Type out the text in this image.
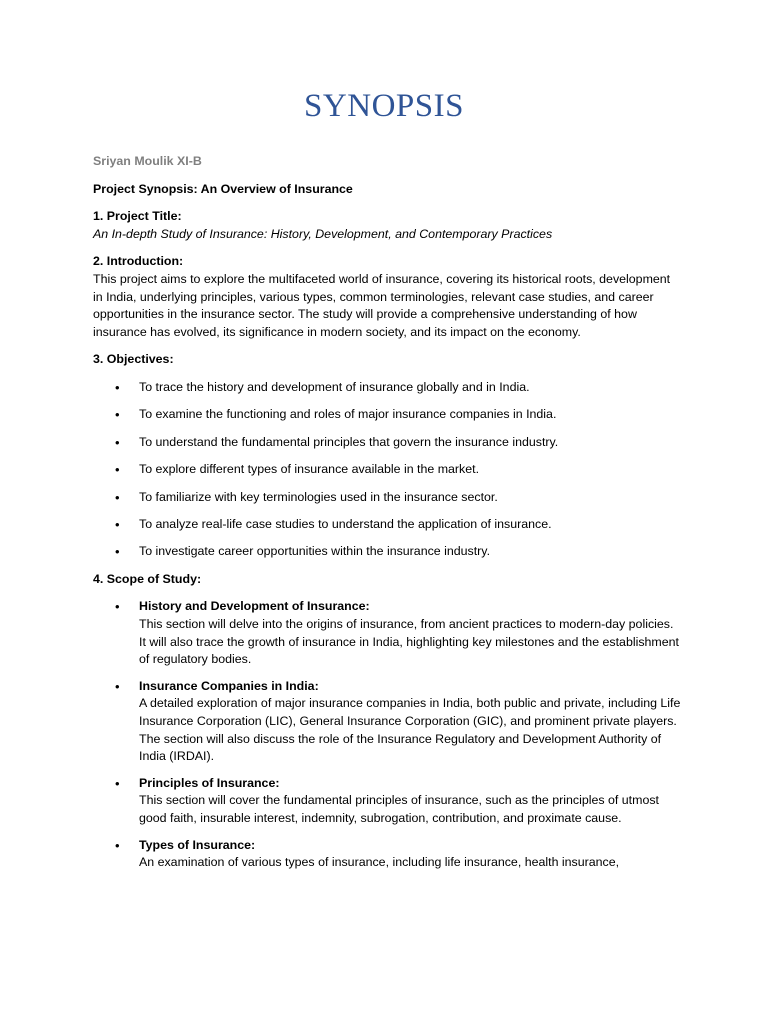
SYNOPSIS

Sriyan Moulik XI-B

Project Synopsis: An Overview of Insurance

1. Project Title:
An In-depth Study of Insurance: History, Development, and Contemporary Practices

2. Introduction:
This project aims to explore the multifaceted world of insurance, covering its historical roots, development in India, underlying principles, various types, common terminologies, relevant case studies, and career opportunities in the insurance sector. The study will provide a comprehensive understanding of how insurance has evolved, its significance in modern society, and its impact on the economy.

3. Objectives:

• To trace the history and development of insurance globally and in India.
• To examine the functioning and roles of major insurance companies in India.
• To understand the fundamental principles that govern the insurance industry.
• To explore different types of insurance available in the market.
• To familiarize with key terminologies used in the insurance sector.
• To analyze real-life case studies to understand the application of insurance.
• To investigate career opportunities within the insurance industry.

4. Scope of Study:

• History and Development of Insurance:
This section will delve into the origins of insurance, from ancient practices to modern-day policies. It will also trace the growth of insurance in India, highlighting key milestones and the establishment of regulatory bodies.
• Insurance Companies in India:
A detailed exploration of major insurance companies in India, both public and private, including Life Insurance Corporation (LIC), General Insurance Corporation (GIC), and prominent private players. The section will also discuss the role of the Insurance Regulatory and Development Authority of India (IRDAI).
• Principles of Insurance:
This section will cover the fundamental principles of insurance, such as the principles of utmost good faith, insurable interest, indemnity, subrogation, contribution, and proximate cause.
• Types of Insurance:
An examination of various types of insurance, including life insurance, health insurance,
